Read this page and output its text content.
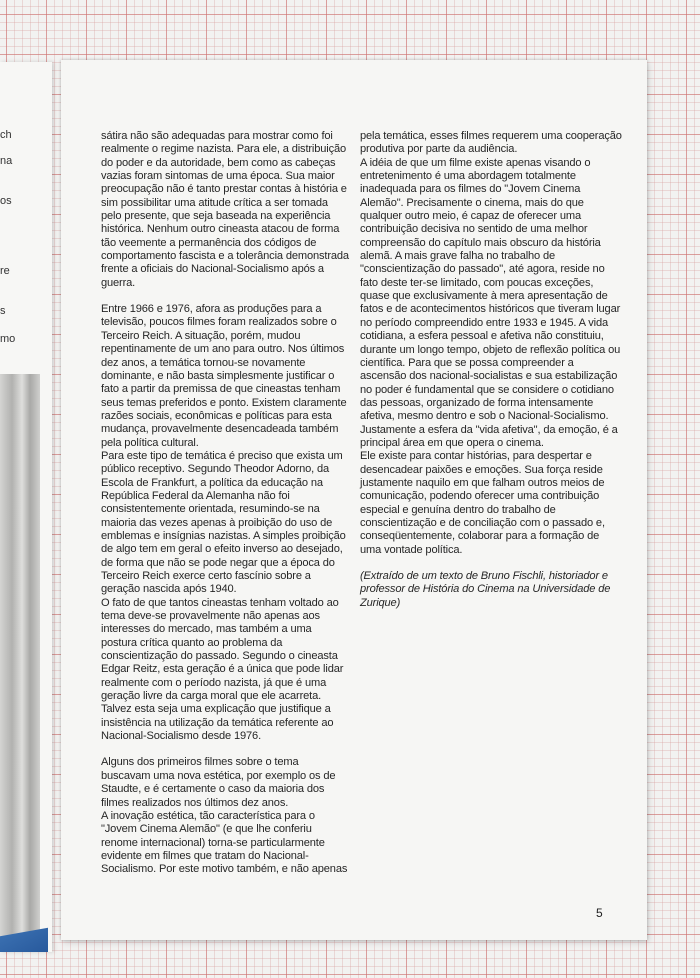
ch
na
os
re
s
mo

sátira não são adequadas para mostrar como foi realmente o regime nazista. Para ele, a distribuição do poder e da autoridade, bem como as cabeças vazias foram sintomas de uma época. Sua maior preocupação não é tanto prestar contas à história e sim possibilitar uma atitude crítica a ser tomada pelo presente, que seja baseada na experiência histórica. Nenhum outro cineasta atacou de forma tão veemente a permanência dos códigos de comportamento fascista e a tolerância demonstrada frente a oficiais do Nacional-Socialismo após a guerra.

Entre 1966 e 1976, afora as produções para a televisão, poucos filmes foram realizados sobre o Terceiro Reich. A situação, porém, mudou repentinamente de um ano para outro. Nos últimos dez anos, a temática tornou-se novamente dominante, e não basta simplesmente justificar o fato a partir da premissa de que cineastas tenham seus temas preferidos e ponto. Existem claramente razões sociais, econômicas e políticas para esta mudança, provavelmente desencadeada também pela política cultural.

Para este tipo de temática é preciso que exista um público receptivo. Segundo Theodor Adorno, da Escola de Frankfurt, a política da educação na República Federal da Alemanha não foi consistentemente orientada, resumindo-se na maioria das vezes apenas à proibição do uso de emblemas e insígnias nazistas. A simples proibição de algo tem em geral o efeito inverso ao desejado, de forma que não se pode negar que a época do Terceiro Reich exerce certo fascínio sobre a geração nascida após 1940.

O fato de que tantos cineastas tenham voltado ao tema deve-se provavelmente não apenas aos interesses do mercado, mas também a uma postura crítica quanto ao problema da conscientização do passado. Segundo o cineasta Edgar Reitz, esta geração é a única que pode lidar realmente com o período nazista, já que é uma geração livre da carga moral que ele acarreta. Talvez esta seja uma explicação que justifique a insistência na utilização da temática referente ao Nacional-Socialismo desde 1976.

Alguns dos primeiros filmes sobre o tema buscavam uma nova estética, por exemplo os de Staudte, e é certamente o caso da maioria dos filmes realizados nos últimos dez anos.

A inovação estética, tão característica para o "Jovem Cinema Alemão" (e que lhe conferiu renome internacional) torna-se particularmente evidente em filmes que tratam do Nacional-Socialismo. Por este motivo também, e não apenas

pela temática, esses filmes requerem uma cooperação produtiva por parte da audiência.

A idéia de que um filme existe apenas visando o entretenimento é uma abordagem totalmente inadequada para os filmes do "Jovem Cinema Alemão". Precisamente o cinema, mais do que qualquer outro meio, é capaz de oferecer uma contribuição decisiva no sentido de uma melhor compreensão do capítulo mais obscuro da história alemã. A mais grave falha no trabalho de "conscientização do passado", até agora, reside no fato deste ter-se limitado, com poucas exceções, quase que exclusivamente à mera apresentação de fatos e de acontecimentos históricos que tiveram lugar no período compreendido entre 1933 e 1945. A vida cotidiana, a esfera pessoal e afetiva não constituiu, durante um longo tempo, objeto de reflexão política ou científica. Para que se possa compreender a ascensão dos nacional-socialistas e sua estabilização no poder é fundamental que se considere o cotidiano das pessoas, organizado de forma intensamente afetiva, mesmo dentro e sob o Nacional-Socialismo. Justamente a esfera da "vida afetiva", da emoção, é a principal área em que opera o cinema.

Ele existe para contar histórias, para despertar e desencadear paixões e emoções. Sua força reside justamente naquilo em que falham outros meios de comunicação, podendo oferecer uma contribuição especial e genuína dentro do trabalho de conscientização e de conciliação com o passado e, conseqüentemente, colaborar para a formação de uma vontade política.

(Extraído de um texto de Bruno Fischli, historiador e professor de História do Cinema na Universidade de Zurique)

5
